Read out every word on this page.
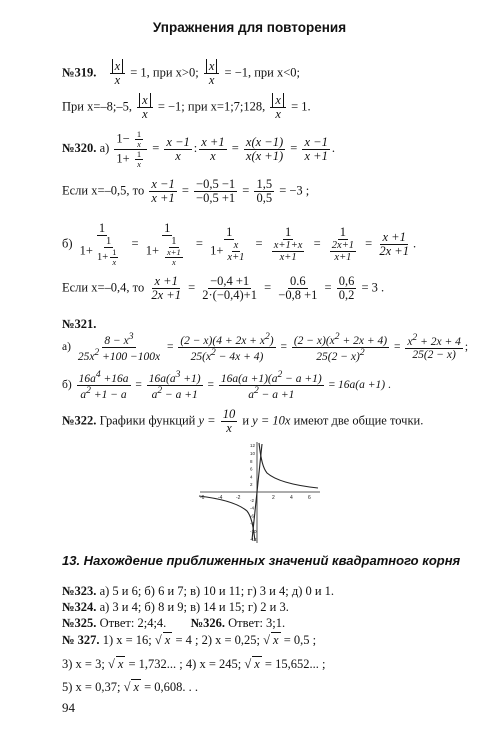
Упражнения для повторения
№319. $\frac{x}{x} = 1$, при x>0; $\frac{x}{x} = -1$, при x<0;
При x=–8;–5, $\frac{x}{x} = -1$; при x=1;7;128, $\frac{x}{x} = 1$.
№320. $а) \frac{1- \frac{1}{x}}{1+ \frac{1}{x}} = \frac{x -1}{x}$ : $\frac{x +1}{x} = \frac{x(x -1)}{x(x +1)} = \frac{x -1}{x +1}$ .
Если x=–0,5, то $\frac{x -1}{x +1} = \frac{-0,5 -1}{-0,5 +1} = \frac{1,5}{0,5} = -3$ ;
$б) \frac{1}{1+ \frac{1}{1+ \frac{1}{x}}} = \frac{1}{1+ \frac{1}{\frac{x+1}{x}}} = \frac{1}{1+ \frac{x}{x+1}} = \frac{1}{\frac{x+1+x}{x+1}} = \frac{1}{\frac{2x+1}{x+1}} = \frac{x +1}{2x +1}$ .
Если x=–0,4, то $\frac{x +1}{2x +1} = \frac{-0,4 +1}{2\cdot(-0,4)+1} = \frac{0.6}{-0,8 +1} = \frac{0,6}{0,2} = 3$ .
№321.
$а) \frac{8 - x^3}{25x^2 +100 -100x} = \frac{(2 - x)(4 + 2x + x^2)}{25(x^2 - 4x + 4)} = \frac{(2 - x)(x^2 + 2x + 4)}{25(2 - x)^2} = \frac{x^2 + 2x + 4}{25(2 - x)}$ ;
$б) \frac{16a^4 +16a}{a^2 +1 - a} = \frac{16a(a^3 +1)}{a^2 - a +1} = \frac{16a(a +1)(a^2 - a +1)}{a^2 - a +1} = 16a(a +1)$ .
№322. Графики функций $y = \frac{10}{x}$ и y = 10x имеют две общие точки.
-6	-4	-2	2	4	6
12
10
8
6
4
2
-2
-4
-6
-8
-10
-12
13. Нахождение приближенных значений квадратного корня
№323. а) 5 и 6; б) 6 и 7; в) 10 и 11; г) 3 и 4; д) 0 и 1.
№324. а) 3 и 4; б) 8 и 9; в) 14 и 15; г) 2 и 3.
№325. Ответ: 2;4;4. №326. Ответ: 3;1.
№ 327. 1) x = 16; √ x = 4 ; 2) x = 0,25; √ x = 0,5 ;
3) x = 3; √ x = 1,732... ; 4) x = 245; √ x = 15,652... ;
5) x = 0,37; √ x = 0,608. . .
94
